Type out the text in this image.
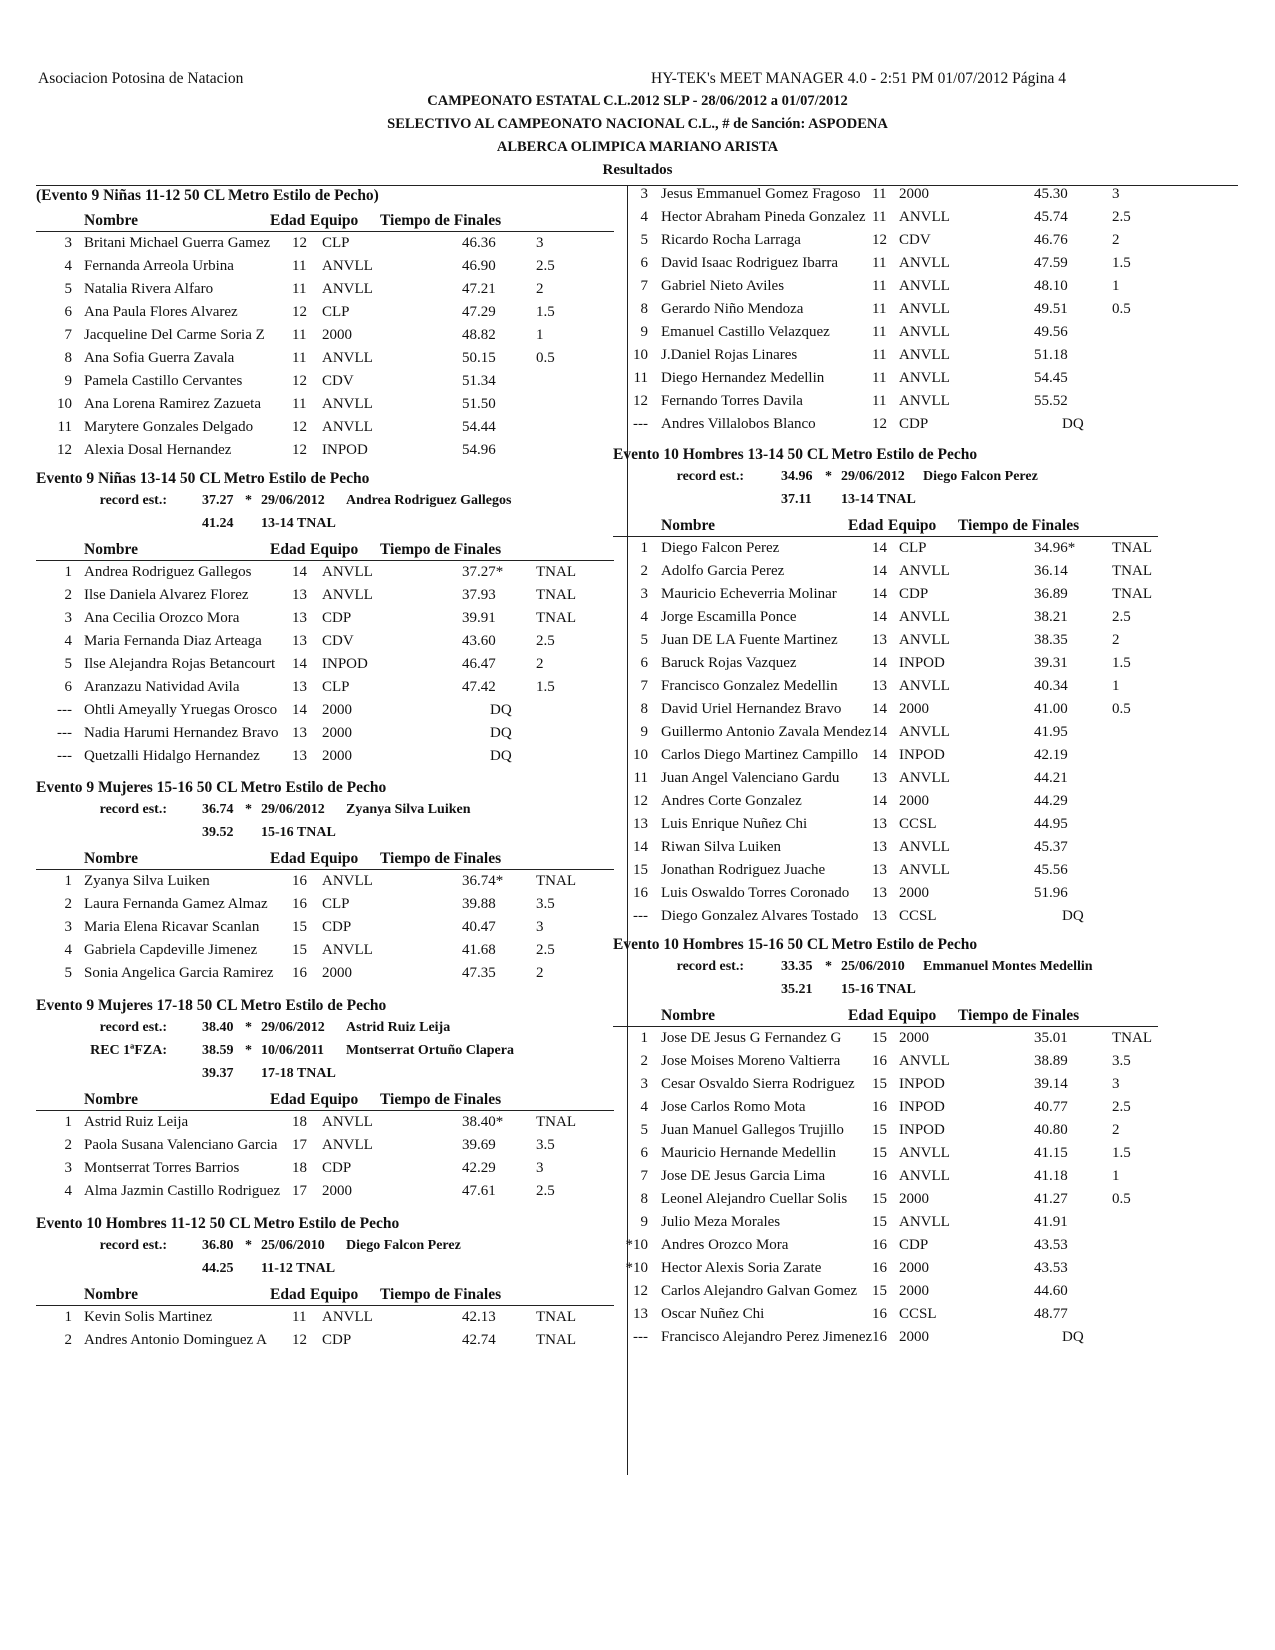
Asociacion Potosina de Natacion	HY-TEK's MEET MANAGER 4.0 - 2:51 PM 01/07/2012 Página 4
CAMPEONATO ESTATAL C.L.2012 SLP - 28/06/2012 a 01/07/2012
SELECTIVO AL CAMPEONATO NACIONAL C.L., # de Sanción: ASPODENA
ALBERCA OLIMPICA MARIANO ARISTA
Resultados
(Evento 9 Niñas 11-12 50 CL Metro Estilo de Pecho)
Nombre	Edad Equipo Tiempo de Finales
3 Britani Michael Guerra Gamez 12 CLP	46.36	3
4 Fernanda Arreola Urbina	11 ANVLL	46.90	2.5
5 Natalia Rivera Alfaro	11 ANVLL	47.21	2
6 Ana Paula Flores Alvarez	12 CLP	47.29	1.5
7 Jacqueline Del Carme Soria Z	11 2000	48.82	1
8 Ana Sofia Guerra Zavala	11 ANVLL	50.15	0.5
9 Pamela Castillo Cervantes	12 CDV	51.34
10 Ana Lorena Ramirez Zazueta	11 ANVLL	51.50
11 Marytere Gonzales Delgado	12 ANVLL	54.44
12 Alexia Dosal Hernandez	12 INPOD	54.96
Evento 9 Niñas 13-14 50 CL Metro Estilo de Pecho
record est.:	37.27 * 29/06/2012 Andrea Rodriguez Gallegos
41.24 13-14 TNAL
Nombre	Edad Equipo Tiempo de Finales
1 Andrea Rodriguez Gallegos	14 ANVLL	37.27* TNAL
2 Ilse Daniela Alvarez Florez	13 ANVLL	37.93	TNAL
3 Ana Cecilia Orozco Mora	13 CDP	39.91	TNAL
4 Maria Fernanda Diaz Arteaga	13 CDV	43.60	2.5
5 Ilse Alejandra Rojas Betancourt 14 INPOD	46.47	2
6 Aranzazu Natividad Avila	13 CLP	47.42	1.5
--- Ohtli Ameyally Yruegas Orosco 14 2000	DQ
--- Nadia Harumi Hernandez Bravo 13 2000	DQ
--- Quetzalli Hidalgo Hernandez	13 2000	DQ
Evento 9 Mujeres 15-16 50 CL Metro Estilo de Pecho
record est.:	36.74 * 29/06/2012 Zyanya Silva Luiken
39.52 15-16 TNAL
Nombre	Edad Equipo Tiempo de Finales
1 Zyanya Silva Luiken	16 ANVLL	36.74* TNAL
2 Laura Fernanda Gamez Almaz	16 CLP	39.88	3.5
3 Maria Elena Ricavar Scanlan	15 CDP	40.47	3
4 Gabriela Capdeville Jimenez	15 ANVLL	41.68	2.5
5 Sonia Angelica Garcia Ramirez 16 2000	47.35	2
Evento 9 Mujeres 17-18 50 CL Metro Estilo de Pecho
record est.:	38.40 * 29/06/2012 Astrid Ruiz Leija
REC 1ªFZA:	38.59 * 10/06/2011 Montserrat Ortuño Clapera
39.37 17-18 TNAL
Nombre	Edad Equipo Tiempo de Finales
1 Astrid Ruiz Leija	18 ANVLL	38.40* TNAL
2 Paola Susana Valenciano Garcia 17 ANVLL	39.69	3.5
3 Montserrat Torres Barrios	18 CDP	42.29	3
4 Alma Jazmin Castillo Rodriguez 17 2000	47.61	2.5
Evento 10 Hombres 11-12 50 CL Metro Estilo de Pecho
record est.:	36.80 * 25/06/2010 Diego Falcon Perez
44.25 11-12 TNAL
Nombre	Edad Equipo Tiempo de Finales
1 Kevin Solis Martinez	11 ANVLL	42.13	TNAL
2 Andres Antonio Dominguez A	12 CDP	42.74	TNAL
3 Jesus Emmanuel Gomez Fragoso 11 2000	45.30	3
4 Hector Abraham Pineda Gonzalez 11 ANVLL	45.74	2.5
5 Ricardo Rocha Larraga	12 CDV	46.76	2
6 David Isaac Rodriguez Ibarra	11 ANVLL	47.59	1.5
7 Gabriel Nieto Aviles	11 ANVLL	48.10	1
8 Gerardo Niño Mendoza	11 ANVLL	49.51	0.5
9 Emanuel Castillo Velazquez	11 ANVLL	49.56
10 J.Daniel Rojas Linares	11 ANVLL	51.18
11 Diego Hernandez Medellin	11 ANVLL	54.45
12 Fernando Torres Davila	11 ANVLL	55.52
--- Andres Villalobos Blanco	12 CDP	DQ
Evento 10 Hombres 13-14 50 CL Metro Estilo de Pecho
record est.:	34.96 * 29/06/2012 Diego Falcon Perez
37.11 13-14 TNAL
Nombre	Edad Equipo Tiempo de Finales
1 Diego Falcon Perez	14 CLP	34.96* TNAL
2 Adolfo Garcia Perez	14 ANVLL	36.14	TNAL
3 Mauricio Echeverria Molinar	14 CDP	36.89	TNAL
4 Jorge Escamilla Ponce	14 ANVLL	38.21	2.5
5 Juan DE LA Fuente Martinez	13 ANVLL	38.35	2
6 Baruck Rojas Vazquez	14 INPOD	39.31	1.5
7 Francisco Gonzalez Medellin	13 ANVLL	40.34	1
8 David Uriel Hernandez Bravo	14 2000	41.00	0.5
9 Guillermo Antonio Zavala Mendez 14 ANVLL	41.95
10 Carlos Diego Martinez Campillo 14 INPOD	42.19
11 Juan Angel Valenciano Gardu	13 ANVLL	44.21
12 Andres Corte Gonzalez	14 2000	44.29
13 Luis Enrique Nuñez Chi	13 CCSL	44.95
14 Riwan Silva Luiken	13 ANVLL	45.37
15 Jonathan Rodriguez Juache	13 ANVLL	45.56
16 Luis Oswaldo Torres Coronado 13 2000	51.96
--- Diego Gonzalez Alvares Tostado 13 CCSL	DQ
Evento 10 Hombres 15-16 50 CL Metro Estilo de Pecho
record est.:	33.35 * 25/06/2010 Emmanuel Montes Medellin
35.21 15-16 TNAL
Nombre	Edad Equipo Tiempo de Finales
1 Jose DE Jesus G Fernandez G	15 2000	35.01	TNAL
2 Jose Moises Moreno Valtierra	16 ANVLL	38.89	3.5
3 Cesar Osvaldo Sierra Rodriguez 15 INPOD	39.14	3
4 Jose Carlos Romo Mota	16 INPOD	40.77	2.5
5 Juan Manuel Gallegos Trujillo	15 INPOD	40.80	2
6 Mauricio Hernande Medellin	15 ANVLL	41.15	1.5
7 Jose DE Jesus Garcia Lima	16 ANVLL	41.18	1
8 Leonel Alejandro Cuellar Solis 15 2000	41.27	0.5
9 Julio Meza Morales	15 ANVLL	41.91
*10 Andres Orozco Mora	16 CDP	43.53
*10 Hector Alexis Soria Zarate	16 2000	43.53
12 Carlos Alejandro Galvan Gomez 15 2000	44.60
13 Oscar Nuñez Chi	16 CCSL	48.77
--- Francisco Alejandro Perez Jimenez 16 2000	DQ
